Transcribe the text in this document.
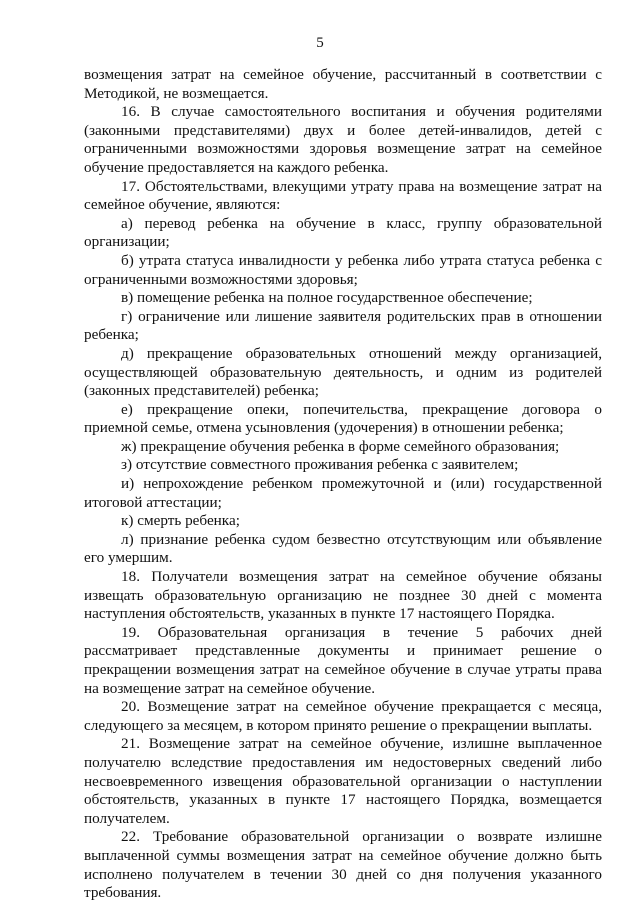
5

возмещения затрат на семейное обучение, рассчитанный в соответствии с Методикой, не возмещается.

16. В случае самостоятельного воспитания и обучения родителями (законными представителями) двух и более детей-инвалидов, детей с ограниченными возможностями здоровья возмещение затрат на семейное обучение предоставляется на каждого ребенка.

17. Обстоятельствами, влекущими утрату права на возмещение затрат на семейное обучение, являются:

а) перевод ребенка на обучение в класс, группу образовательной организации;

б) утрата статуса инвалидности у ребенка либо утрата статуса ребенка с ограниченными возможностями здоровья;

в) помещение ребенка на полное государственное обеспечение;

г) ограничение или лишение заявителя родительских прав в отношении ребенка;

д) прекращение образовательных отношений между организацией, осуществляющей образовательную деятельность, и одним из родителей (законных представителей) ребенка;

е) прекращение опеки, попечительства, прекращение договора о приемной семье, отмена усыновления (удочерения) в отношении ребенка;

ж) прекращение обучения ребенка в форме семейного образования;

з) отсутствие совместного проживания ребенка с заявителем;

и) непрохождение ребенком промежуточной и (или) государственной итоговой аттестации;

к) смерть ребенка;

л) признание ребенка судом безвестно отсутствующим или объявление его умершим.

18. Получатели возмещения затрат на семейное обучение обязаны извещать образовательную организацию не позднее 30 дней с момента наступления обстоятельств, указанных в пункте 17 настоящего Порядка.

19. Образовательная организация в течение 5 рабочих дней рассматривает представленные документы и принимает решение о прекращении возмещения затрат на семейное обучение в случае утраты права на возмещение затрат на семейное обучение.

20. Возмещение затрат на семейное обучение прекращается с месяца, следующего за месяцем, в котором принято решение о прекращении выплаты.

21. Возмещение затрат на семейное обучение, излишне выплаченное получателю вследствие предоставления им недостоверных сведений либо несвоевременного извещения образовательной организации о наступлении обстоятельств, указанных в пункте 17 настоящего Порядка, возмещается получателем.

22. Требование образовательной организации о возврате излишне выплаченной суммы возмещения затрат на семейное обучение должно быть исполнено получателем в течении 30 дней со дня получения указанного требования.
